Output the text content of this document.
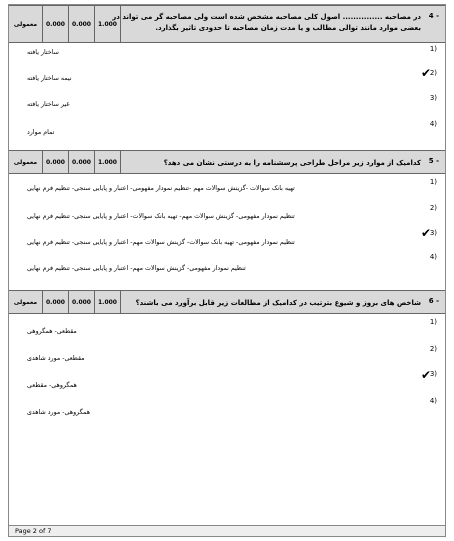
معمولی	0.000	0.000	1.000
4 -
در مصاحبه ............... اصول کلی مصاحبه مشخص شده است ولی مصاحبه گر می تواند در
بعضی موارد مانند توالی مطالب و یا مدت زمان مصاحبه تا حدودی تاثیر بگذارد.
1)
ساختار یافته
2)
✔
نیمه ساختار یافته
3)
غیر ساختار یافته
4)
تمام موارد
معمولی	0.000	0.000	1.000	5 -
کدامیک از موارد زیر مراحل طراحی پرسشنامه را به درستی نشان می دهد؟
1)
تهیه بانک سوالات -گزینش سوالات مهم -تنظیم نمودار مفهومی- اعتبار و پایایی سنجی- تنظیم فرم نهایی
2)
تنظیم نمودار مفهومی- گزینش سوالات مهم- تهیه بانک سوالات- اعتبار و پایایی سنجی- تنظیم فرم نهایی
3)
✔
تنظیم نمودار مفهومی- تهیه بانک سوالات- گزینش سوالات مهم- اعتبار و پایایی سنجی- تنظیم فرم نهایی
4)
تنظیم نمودار مفهومی- گزینش سوالات مهم- اعتبار و پایایی سنجی- تنظیم فرم نهایی
معمولی	0.000	0.000	1.000	6 -
شاخص های بروز و شیوع بترتیب در کدامیک از مطالعات زیر قابل برآورد می باشند؟
1)
مقطعی- همگروهی
2)
مقطعی- مورد شاهدی
3)
✔
همگروهی- مقطعی
4)
همگروهی- مورد شاهدی
Page 2 of 7
